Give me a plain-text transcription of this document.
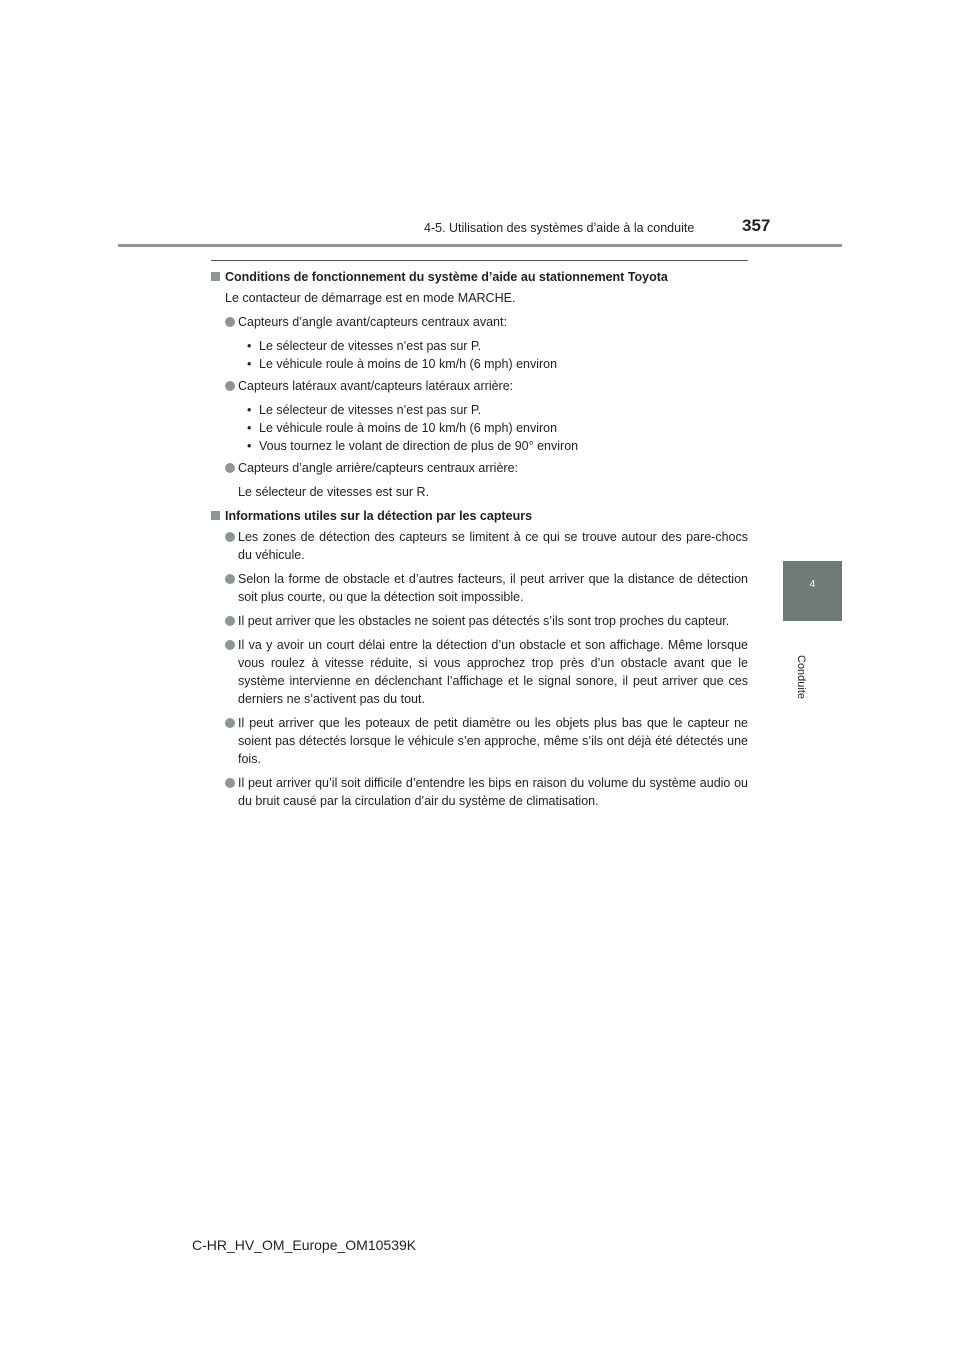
4-5. Utilisation des systèmes d’aide à la conduite	357
4
Conduite
Conditions de fonctionnement du système d’aide au stationnement Toyota

Le contacteur de démarrage est en mode MARCHE.

Capteurs d’angle avant/capteurs centraux avant:

• Le sélecteur de vitesses n’est pas sur P.

• Le véhicule roule à moins de 10 km/h (6 mph) environ

Capteurs latéraux avant/capteurs latéraux arrière:

• Le sélecteur de vitesses n’est pas sur P.

• Le véhicule roule à moins de 10 km/h (6 mph) environ

• Vous tournez le volant de direction de plus de 90° environ

Capteurs d’angle arrière/capteurs centraux arrière:

Le sélecteur de vitesses est sur R.

Informations utiles sur la détection par les capteurs
Les zones de détection des capteurs se limitent à ce qui se trouve autour des pare-chocs du véhicule.
Selon la forme de obstacle et d’autres facteurs, il peut arriver que la distance de détection soit plus courte, ou que la détection soit impossible.
Il peut arriver que les obstacles ne soient pas détectés s’ils sont trop proches du capteur.
Il va y avoir un court délai entre la détection d’un obstacle et son affichage. Même lorsque vous roulez à vitesse réduite, si vous approchez trop près d’un obstacle avant que le système intervienne en déclenchant l’affichage et le signal sonore, il peut arriver que ces derniers ne s’activent pas du tout.
Il peut arriver que les poteaux de petit diamètre ou les objets plus bas que le capteur ne soient pas détectés lorsque le véhicule s’en approche, même s’ils ont déjà été détectés une fois.
Il peut arriver qu’il soit difficile d’entendre les bips en raison du volume du système audio ou du bruit causé par la circulation d’air du système de climatisation.
C-HR_HV_OM_Europe_OM10539K
